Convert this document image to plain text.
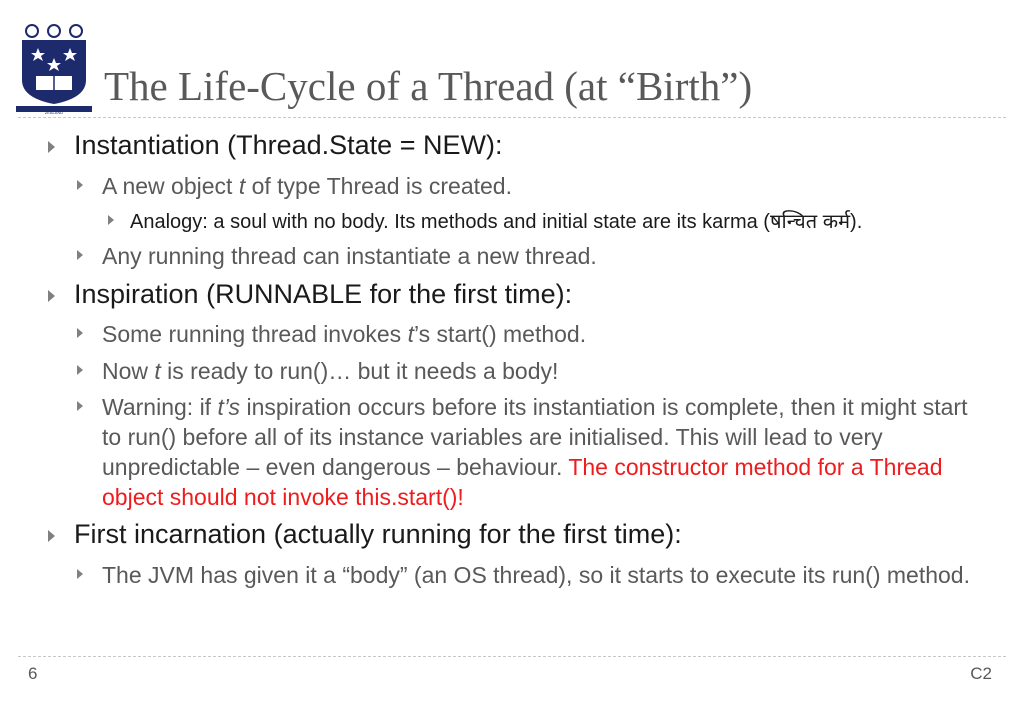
THE UNIVERSITY OF AUCKLAND NEW ZEALAND
The Life-Cycle of a Thread (at “Birth”)
Instantiation (Thread.State = NEW):
A new object t of type Thread is created.
Analogy: a soul with no body. Its methods and initial state are its karma (षन्चित कर्म).
Any running thread can instantiate a new thread.
Inspiration (RUNNABLE for the first time):
Some running thread invokes t’s start() method.
Now t is ready to run()… but it needs a body!
Warning: if t’s inspiration occurs before its instantiation is complete, then it might start to run() before all of its instance variables are initialised. This will lead to very unpredictable – even dangerous – behaviour. The constructor method for a Thread object should not invoke this.start()!
First incarnation (actually running for the first time):
The JVM has given it a “body” (an OS thread), so it starts to execute its run() method.
6	C2
